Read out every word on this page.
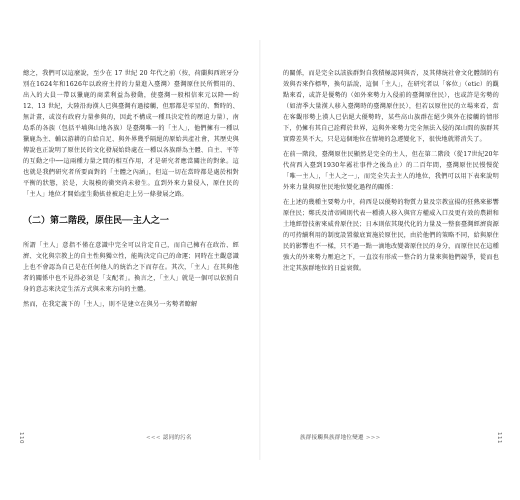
總之，我們可以這麼說，至少在 17 世紀 20 年代之前（按，荷蘭與西班牙分別在1624年和1626年以政府主持的力量進入臺灣）臺灣原住民所慣用的、出入的大員一帶以獵鹿的商業利益為發動，使臺灣一般相信來元以降──約 12、13 世紀，大陸沿海漢人已與臺灣有過接觸，但那都是零星的、暫時的、無計畫，或沒有政府力量參與的，因此不構成一種具決定性的壓迫力量），南島系的各族（包括平埔與山地各族）是臺灣唯一的「主人」，他們擁有一種以獵鹿為主、輔以游耕的自給自足、與外界幾乎隔絕的原始共產社會，其歷史與傳說也正說明了原住民的文化發展始終處在一種以各族群為主體、自主、平等的互動之中──這兩種力量之間的相互作用，才是研究者應當關注的對象。這也就是我們研究者所要面對的「主體之內涵」，但這一切在當時都是處於相對平衡的狀態，於是，大規模的衝突尚未發生。直到外來力量侵入，原住民的「主人」地位才開始產生動搖並被迫走上另一條發展之路。

（二）第二階段，原住民──主人之一

所謂「主人」意指不僅在意識中完全可以肯定自己，而自己擁有在政治、經濟、文化與宗教上的自主性與獨立性，能夠決定自己的命運；同時在主觀意識上也不會認為自己是在任何他人的統治之下而存在。其次，「主人」在其與他者的關係中也不見得必須是「支配者」。換言之，「主人」就是一個可以依照自身的意志來決定生活方式與未來方向的主體。

然而，在我定義下的「主人」，則不是建立在與另一劣勢者瞭解

的關係，而是完全以該族群對自我積極認同與否，及其傳統社會文化體制的有效與否來作標準，換句話說，這個「主人」，在研究者以「客位」（etic）的觀點來看，或許是優勢的（如外來勢力入侵前的臺灣原住民），也或許是劣勢的（如清季大量漢人移入臺灣時的臺灣原住民），但若以原住民的立場來看，當在客觀形勢上漢人已佔絕大優勢時，某些高山族群在絕少與外在接觸的情形下，仍擁有其自己詮釋於世界，這與外來勢力完全無法入侵的深山間的族群其實際差異不大，只是這個地位在情境的急遽變化下，很快地就將消失了。

在前一階段，臺灣原住民顯然是完全的主人，但在第二階段（從17世紀20年代荷西入臺到1930年霧社事件之後為止）的二百年間，臺灣原住民慢慢從「唯一主人」，「主人之一」，而完全失去主人的地位，我們可以用下表來說明外來力量與原住民地位變化過程的關係：

在上述的幾種主要勢力中，荷西是以優勢的物質力量及宗教宣揚的狂熱來影響原住民；鄭氏及清帝國則代表一種漢人移入與官方權威入口及更有效的農耕和土地經營技術來威脅原住民；日本則依其現代化的力量及一整套臺灣經濟資源的可持續利用的制度設置徹底實施於原住民，由於他們的策略不同，給與原住民的影響也不一樣，只不過一點一滴地改變著原住民的身分，而原住民在這種強大的外來勢力壓迫之下，一直沒有形成一整合的力量來與他們競爭，從而也注定其族群地位的日益衰微。

110	<<< 認同的污名	族群接觸與族群地位變遷 >>>	111
